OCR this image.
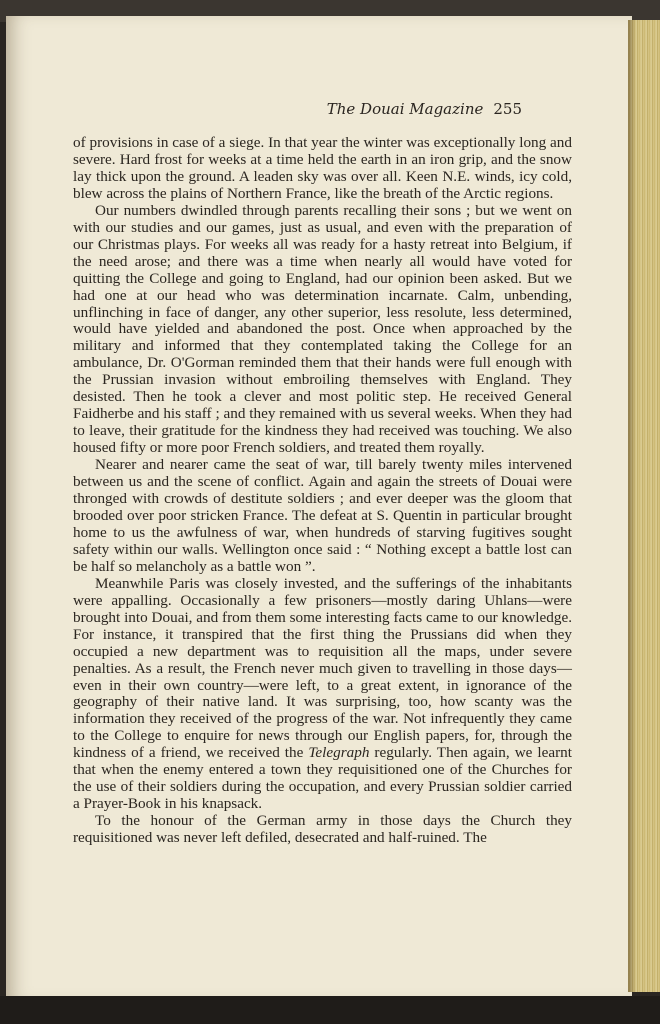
The Douai Magazine 255

of provisions in case of a siege. In that year the winter was exceptionally long and severe. Hard frost for weeks at a time held the earth in an iron grip, and the snow lay thick upon the ground. A leaden sky was over all. Keen N.E. winds, icy cold, blew across the plains of Northern France, like the breath of the Arctic regions.

Our numbers dwindled through parents recalling their sons ; but we went on with our studies and our games, just as usual, and even with the preparation of our Christmas plays. For weeks all was ready for a hasty retreat into Belgium, if the need arose; and there was a time when nearly all would have voted for quitting the College and going to England, had our opinion been asked. But we had one at our head who was determination incarnate. Calm, unbending, unflinching in face of danger, any other superior, less resolute, less determined, would have yielded and abandoned the post. Once when approached by the military and informed that they contemplated taking the College for an ambulance, Dr. O'Gorman reminded them that their hands were full enough with the Prussian invasion without embroiling themselves with England. They desisted. Then he took a clever and most politic step. He received General Faidherbe and his staff ; and they remained with us several weeks. When they had to leave, their gratitude for the kindness they had received was touching. We also housed fifty or more poor French soldiers, and treated them royally.

Nearer and nearer came the seat of war, till barely twenty miles intervened between us and the scene of conflict. Again and again the streets of Douai were thronged with crowds of destitute soldiers ; and ever deeper was the gloom that brooded over poor stricken France. The defeat at S. Quentin in particular brought home to us the awfulness of war, when hundreds of starving fugitives sought safety within our walls. Wellington once said : “ Nothing except a battle lost can be half so melancholy as a battle won ”.

Meanwhile Paris was closely invested, and the sufferings of the inhabitants were appalling. Occasionally a few prisoners—mostly daring Uhlans—were brought into Douai, and from them some interesting facts came to our knowledge. For instance, it transpired that the first thing the Prussians did when they occupied a new department was to requisition all the maps, under severe penalties. As a result, the French never much given to travelling in those days—even in their own country—were left, to a great extent, in ignorance of the geography of their native land. It was surprising, too, how scanty was the information they received of the progress of the war. Not infrequently they came to the College to enquire for news through our English papers, for, through the kindness of a friend, we received the Telegraph regularly. Then again, we learnt that when the enemy entered a town they requisitioned one of the Churches for the use of their soldiers during the occupation, and every Prussian soldier carried a Prayer-Book in his knapsack.

To the honour of the German army in those days the Church they requisitioned was never left defiled, desecrated and half-ruined. The
